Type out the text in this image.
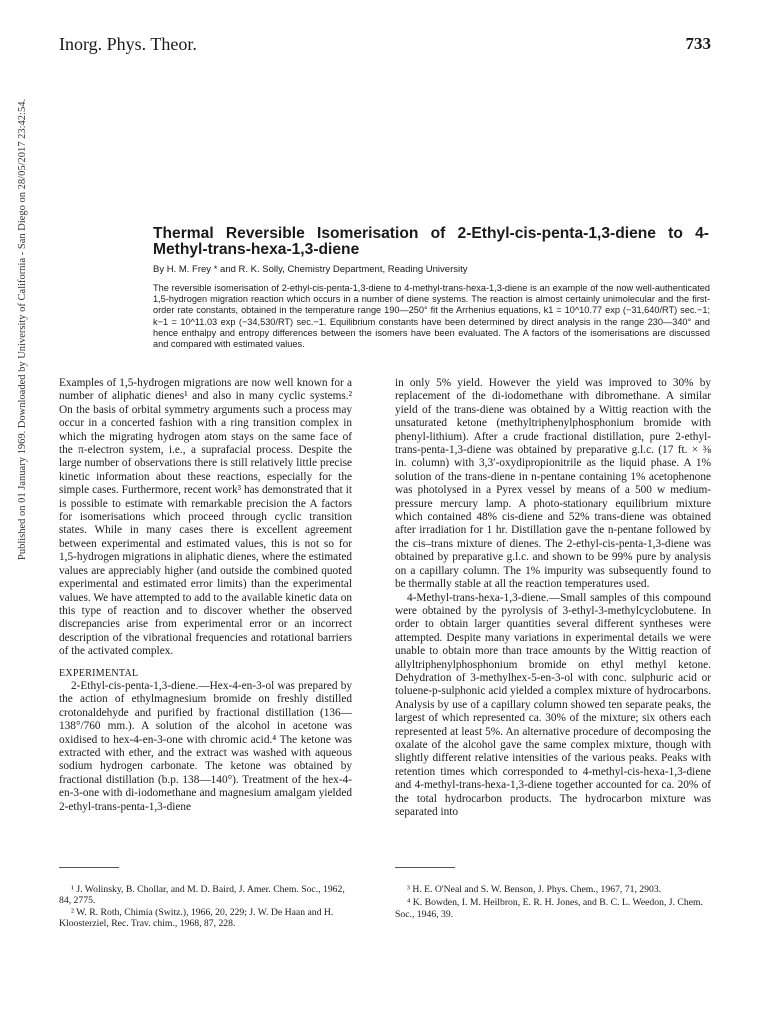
Inorg. Phys. Theor.	733
Published on 01 January 1969. Downloaded by University of California - San Diego on 28/05/2017 23:42:54.	Thermal Reversible Isomerisation of 2-Ethyl-cis-penta-1,3-diene to 4-Methyl-trans-hexa-1,3-diene
By H. M. Frey * and R. K. Solly, Chemistry Department, Reading University

The reversible isomerisation of 2-ethyl-cis-penta-1,3-diene to 4-methyl-trans-hexa-1,3-diene is an example of the now well-authenticated 1,5-hydrogen migration reaction which occurs in a number of diene systems. The reaction is almost certainly unimolecular and the first-order rate constants, obtained in the temperature range 190—250° fit the Arrhenius equations, k1 = 10^10.77 exp (−31,640/RT) sec.−1; k−1 = 10^11.03 exp (−34,530/RT) sec.−1. Equilibrium constants have been determined by direct analysis in the range 230—340° and hence enthalpy and entropy differences between the isomers have been evaluated. The A factors of the isomerisations are discussed and compared with estimated values.

Examples of 1,5-hydrogen migrations are now well known for a number of aliphatic dienes¹ and also in many cyclic systems.² On the basis of orbital symmetry arguments such a process may occur in a concerted fashion with a ring transition complex in which the migrating hydrogen atom stays on the same face of the π-electron system, i.e., a suprafacial process. Despite the large number of observations there is still relatively little precise kinetic information about these reactions, especially for the simple cases. Furthermore, recent work³ has demonstrated that it is possible to estimate with remarkable precision the A factors for isomerisations which proceed through cyclic transition states. While in many cases there is excellent agreement between experimental and estimated values, this is not so for 1,5-hydrogen migrations in aliphatic dienes, where the estimated values are appreciably higher (and outside the combined quoted experimental and estimated error limits) than the experimental values. We have attempted to add to the available kinetic data on this type of reaction and to discover whether the observed discrepancies arise from experimental error or an incorrect description of the vibrational frequencies and rotational barriers of the activated complex.

EXPERIMENTAL

2-Ethyl-cis-penta-1,3-diene.—Hex-4-en-3-ol was prepared by the action of ethylmagnesium bromide on freshly distilled crotonaldehyde and purified by fractional distillation (136—138°/760 mm.). A solution of the alcohol in acetone was oxidised to hex-4-en-3-one with chromic acid.⁴ The ketone was extracted with ether, and the extract was washed with aqueous sodium hydrogen carbonate. The ketone was obtained by fractional distillation (b.p. 138—140°). Treatment of the hex-4-en-3-one with di-iodomethane and magnesium amalgam yielded 2-ethyl-trans-penta-1,3-diene

in only 5% yield. However the yield was improved to 30% by replacement of the di-iodomethane with dibromethane. A similar yield of the trans-diene was obtained by a Wittig reaction with the unsaturated ketone (methyltriphenylphosphonium bromide with phenyl-lithium). After a crude fractional distillation, pure 2-ethyl-trans-penta-1,3-diene was obtained by preparative g.l.c. (17 ft. × ⅜ in. column) with 3,3′-oxydipropionitrile as the liquid phase. A 1% solution of the trans-diene in n-pentane containing 1% acetophenone was photolysed in a Pyrex vessel by means of a 500 w medium-pressure mercury lamp. A photo-stationary equilibrium mixture which contained 48% cis-diene and 52% trans-diene was obtained after irradiation for 1 hr. Distillation gave the n-pentane followed by the cis–trans mixture of dienes. The 2-ethyl-cis-penta-1,3-diene was obtained by preparative g.l.c. and shown to be 99% pure by analysis on a capillary column. The 1% impurity was subsequently found to be thermally stable at all the reaction temperatures used.

4-Methyl-trans-hexa-1,3-diene.—Small samples of this compound were obtained by the pyrolysis of 3-ethyl-3-methylcyclobutene. In order to obtain larger quantities several different syntheses were attempted. Despite many variations in experimental details we were unable to obtain more than trace amounts by the Wittig reaction of allyltriphenylphosphonium bromide on ethyl methyl ketone. Dehydration of 3-methylhex-5-en-3-ol with conc. sulphuric acid or toluene-p-sulphonic acid yielded a complex mixture of hydrocarbons. Analysis by use of a capillary column showed ten separate peaks, the largest of which represented ca. 30% of the mixture; six others each represented at least 5%. An alternative procedure of decomposing the oxalate of the alcohol gave the same complex mixture, though with slightly different relative intensities of the various peaks. Peaks with retention times which corresponded to 4-methyl-cis-hexa-1,3-diene and 4-methyl-trans-hexa-1,3-diene together accounted for ca. 20% of the total hydrocarbon products. The hydrocarbon mixture was separated into

¹ J. Wolinsky, B. Chollar, and M. D. Baird, J. Amer. Chem. Soc., 1962, 84, 2775.

² W. R. Roth, Chimia (Switz.), 1966, 20, 229; J. W. De Haan and H. Kloosterziel, Rec. Trav. chim., 1968, 87, 228.

³ H. E. O'Neal and S. W. Benson, J. Phys. Chem., 1967, 71, 2903.

⁴ K. Bowden, I. M. Heilbron, E. R. H. Jones, and B. C. L. Weedon, J. Chem. Soc., 1946, 39.
